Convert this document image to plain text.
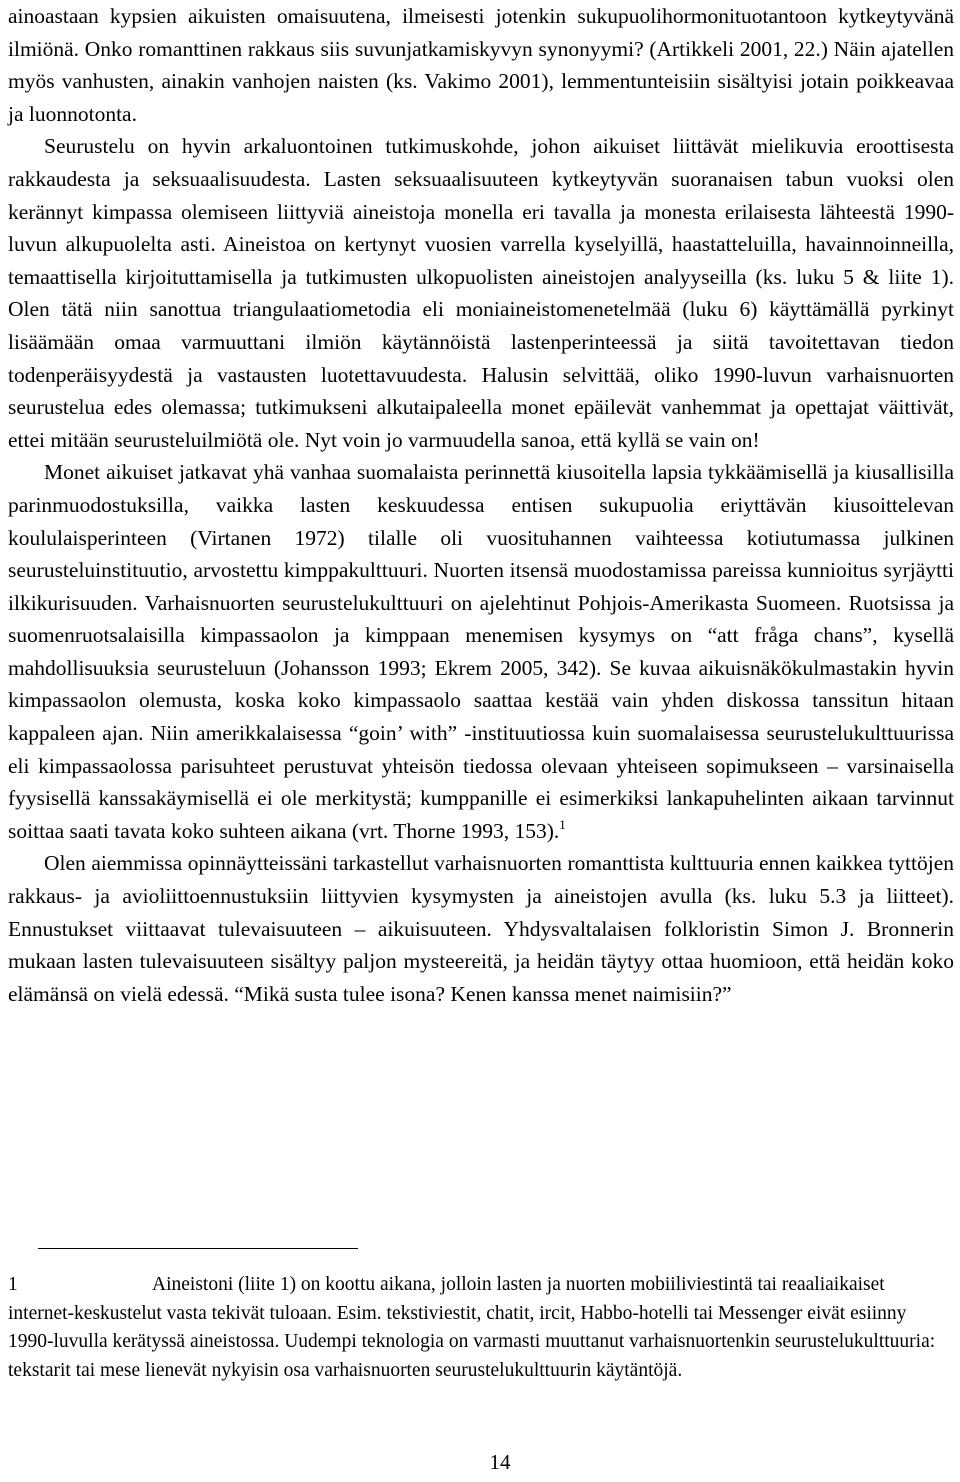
ainoastaan kypsien aikuisten omaisuutena, ilmeisesti jotenkin sukupuolihormonituotantoon kytkeytyvänä ilmiönä. Onko romanttinen rakkaus siis suvunjatkamiskyvyn synonyymi? (Artikkeli 2001, 22.) Näin ajatellen myös vanhusten, ainakin vanhojen naisten (ks. Vakimo 2001), lemmentunteisiin sisältyisi jotain poikkeavaa ja luonnotonta.

Seurustelu on hyvin arkaluontoinen tutkimuskohde, johon aikuiset liittävät mielikuvia eroottisesta rakkaudesta ja seksuaalisuudesta. Lasten seksuaalisuuteen kytkeytyvän suoranaisen tabun vuoksi olen kerännyt kimpassa olemiseen liittyviä aineistoja monella eri tavalla ja monesta erilaisesta lähteestä 1990-luvun alkupuolelta asti. Aineistoa on kertynyt vuosien varrella kyselyillä, haastatteluilla, havainnoinneilla, temaattisella kirjoituttamisella ja tutkimusten ulkopuolisten aineistojen analyyseilla (ks. luku 5 & liite 1). Olen tätä niin sanottua triangulaatiometodia eli moniaineistomenetelmää (luku 6) käyttämällä pyrkinyt lisäämään omaa varmuuttani ilmiön käytännöistä lastenperinteessä ja siitä tavoitettavan tiedon todenperäisyydestä ja vastausten luotettavuudesta. Halusin selvittää, oliko 1990-luvun varhaisnuorten seurustelua edes olemassa; tutkimukseni alkutaipaleella monet epäilevät vanhemmat ja opettajat väittivät, ettei mitään seurusteluilmiötä ole. Nyt voin jo varmuudella sanoa, että kyllä se vain on!

Monet aikuiset jatkavat yhä vanhaa suomalaista perinnettä kiusoitella lapsia tykkäämisellä ja kiusallisilla parinmuodostuksilla, vaikka lasten keskuudessa entisen sukupuolia eriyttävän kiusoittelevan koululaisperinteen (Virtanen 1972) tilalle oli vuosituhannen vaihteessa kotiutumassa julkinen seurusteluinstituutio, arvostettu kimppakulttuuri. Nuorten itsensä muodostamissa pareissa kunnioitus syrjäytti ilkikurisuuden. Varhaisnuorten seurustelukulttuuri on ajelehtinut Pohjois-Amerikasta Suomeen. Ruotsissa ja suomenruotsalaisilla kimpassaolon ja kimppaan menemisen kysymys on “att fråga chans”, kysellä mahdollisuuksia seurusteluun (Johansson 1993; Ekrem 2005, 342). Se kuvaa aikuisnäkökulmastakin hyvin kimpassaolon olemusta, koska koko kimpassaolo saattaa kestää vain yhden diskossa tanssitun hitaan kappaleen ajan. Niin amerikkalaisessa “goin’ with” -instituutiossa kuin suomalaisessa seurustelukulttuurissa eli kimpassaolossa parisuhteet perustuvat yhteisön tiedossa olevaan yhteiseen sopimukseen – varsinaisella fyysisellä kanssakäymisellä ei ole merkitystä; kumppanille ei esimerkiksi lankapuhelinten aikaan tarvinnut soittaa saati tavata koko suhteen aikana (vrt. Thorne 1993, 153).$^1$

Olen aiemmissa opinnäytteissäni tarkastellut varhaisnuorten romanttista kulttuuria ennen kaikkea tyttöjen rakkaus- ja avioliittoennustuksiin liittyvien kysymysten ja aineistojen avulla (ks. luku 5.3 ja liitteet). Ennustukset viittaavat tulevaisuuteen – aikuisuuteen. Yhdysvaltalaisen folkloristin Simon J. Bronnerin mukaan lasten tulevaisuuteen sisältyy paljon mysteereitä, ja heidän täytyy ottaa huomioon, että heidän koko elämänsä on vielä edessä. “Mikä susta tulee isona? Kenen kanssa menet naimisiin?”

1	Aineistoni (liite 1) on koottu aikana, jolloin lasten ja nuorten mobiiliviestintä tai reaaliaikaiset internet-keskustelut vasta tekivät tuloaan. Esim. tekstiviestit, chatit, ircit, Habbo-hotelli tai Messenger eivät esiinny 1990-luvulla kerätyssä aineistossa. Uudempi teknologia on varmasti muuttanut varhaisnuortenkin seurustelukulttuuria: tekstarit tai mese lienevät nykyisin osa varhaisnuorten seurustelukulttuurin käytäntöjä.
14
